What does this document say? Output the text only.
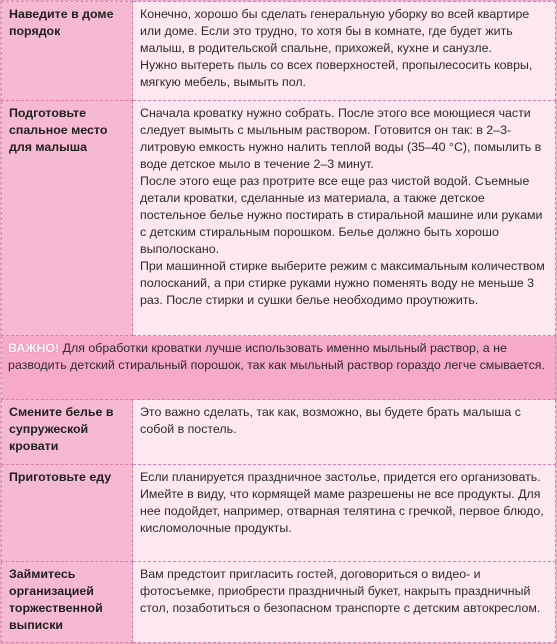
Наведите в доме порядок	Конечно, хорошо бы сделать генеральную уборку во всей квартире или доме. Если это трудно, то хотя бы в комнате, где будет жить малыш, в родительской спальне, прихожей, кухне и санузле.

Нужно вытереть пыль со всех поверхностей, пропылесосить ковры, мягкую мебель, вымыть пол.

Подготовьте спальное место для малыша	Сначала кроватку нужно собрать. После этого все моющиеся части следует вымыть с мыльным раствором. Готовится он так: в 2–3-литровую емкость нужно налить теплой воды (35–40 °С), помылить в воде детское мыло в течение 2–3 минут.

После этого еще раз протрите все еще раз чистой водой. Съемные детали кроватки, сделанные из материала, а также детское постельное белье нужно постирать в стиральной машине или руками с детским стиральным порошком. Белье должно быть хорошо выполоскано.

При машинной стирке выберите режим с максимальным количеством полосканий, а при стирке руками нужно поменять воду не меньше 3 раз. После стирки и сушки белье необходимо проутюжить.

ВАЖНО! Для обработки кроватки лучше использовать именно мыльный раствор, а не разводить детский стиральный порошок, так как мыльный раствор гораздо легче смывается.	
Смените белье в супружеской кровати	Это важно сделать, так как, возможно, вы будете брать малыша с собой в постель.

Приготовьте еду	Если планируется праздничное застолье, придется его организовать.

Имейте в виду, что кормящей маме разрешены не все продукты. Для нее подойдет, например, отварная телятина с гречкой, первое блюдо, кисломолочные продукты.

Займитесь организацией торжественной выписки	Вам предстоит пригласить гостей, договориться о видео- и фотосъемке, приобрести праздничный букет, накрыть праздничный стол, позаботиться о безопасном транспорте с детским автокреслом.
